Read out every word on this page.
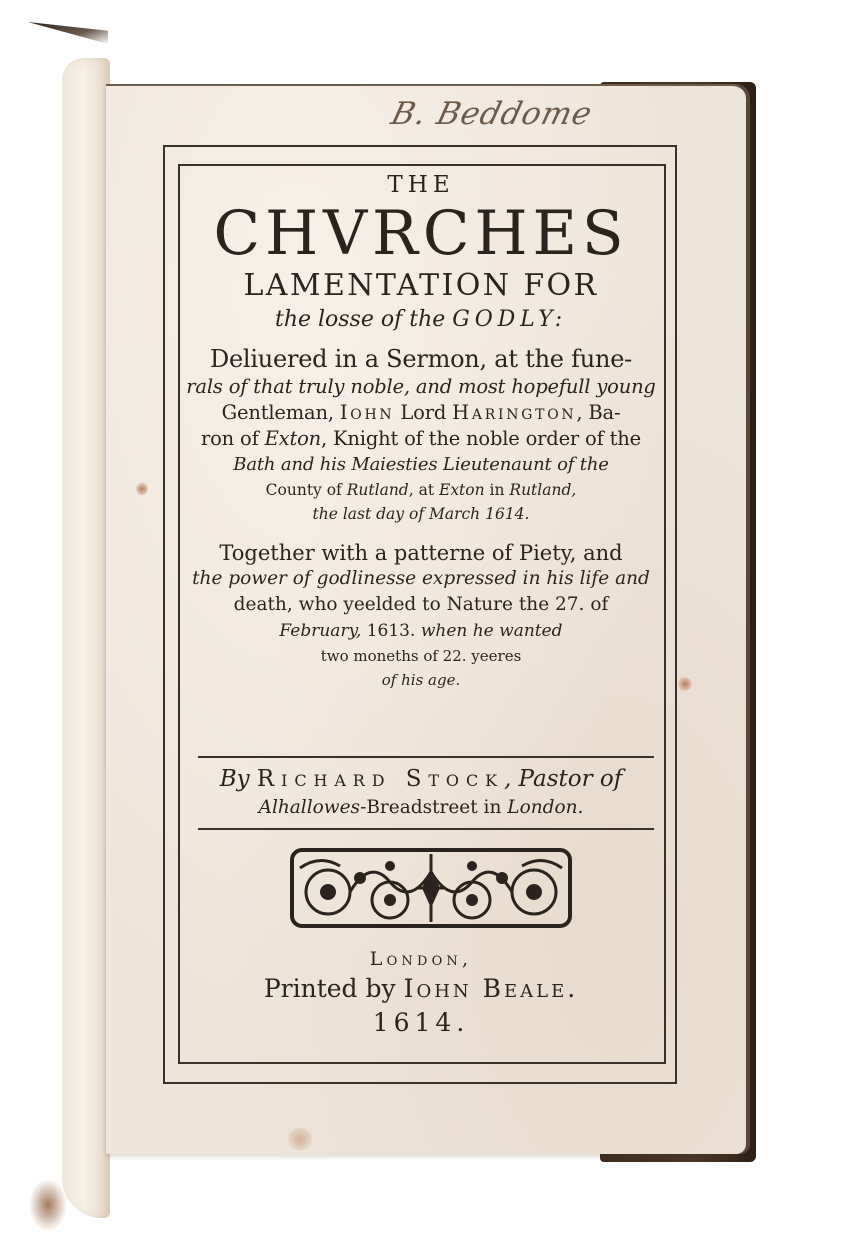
B. Beddome
THE
CHVRCHES
LAMENTATION FOR
the losse of the GODLY:
Deliuered in a Sermon, at the fune-
rals of that truly noble, and most hopefull young
Gentleman, Iohn Lord Harington, Ba-
ron of Exton, Knight of the noble order of the
Bath and his Maiesties Lieutenaunt of the
County of Rutland, at Exton in Rutland,
the last day of March 1614.
Together with a patterne of Piety, and
the power of godlinesse expressed in his life and
death, who yeelded to Nature the 27. of
February, 1613. when he wanted
two moneths of 22. yeeres
of his age.
By Richard Stock, Pastor of
Alhallowes-Breadstreet in London.
London,
Printed by Iohn Beale.
1614.
